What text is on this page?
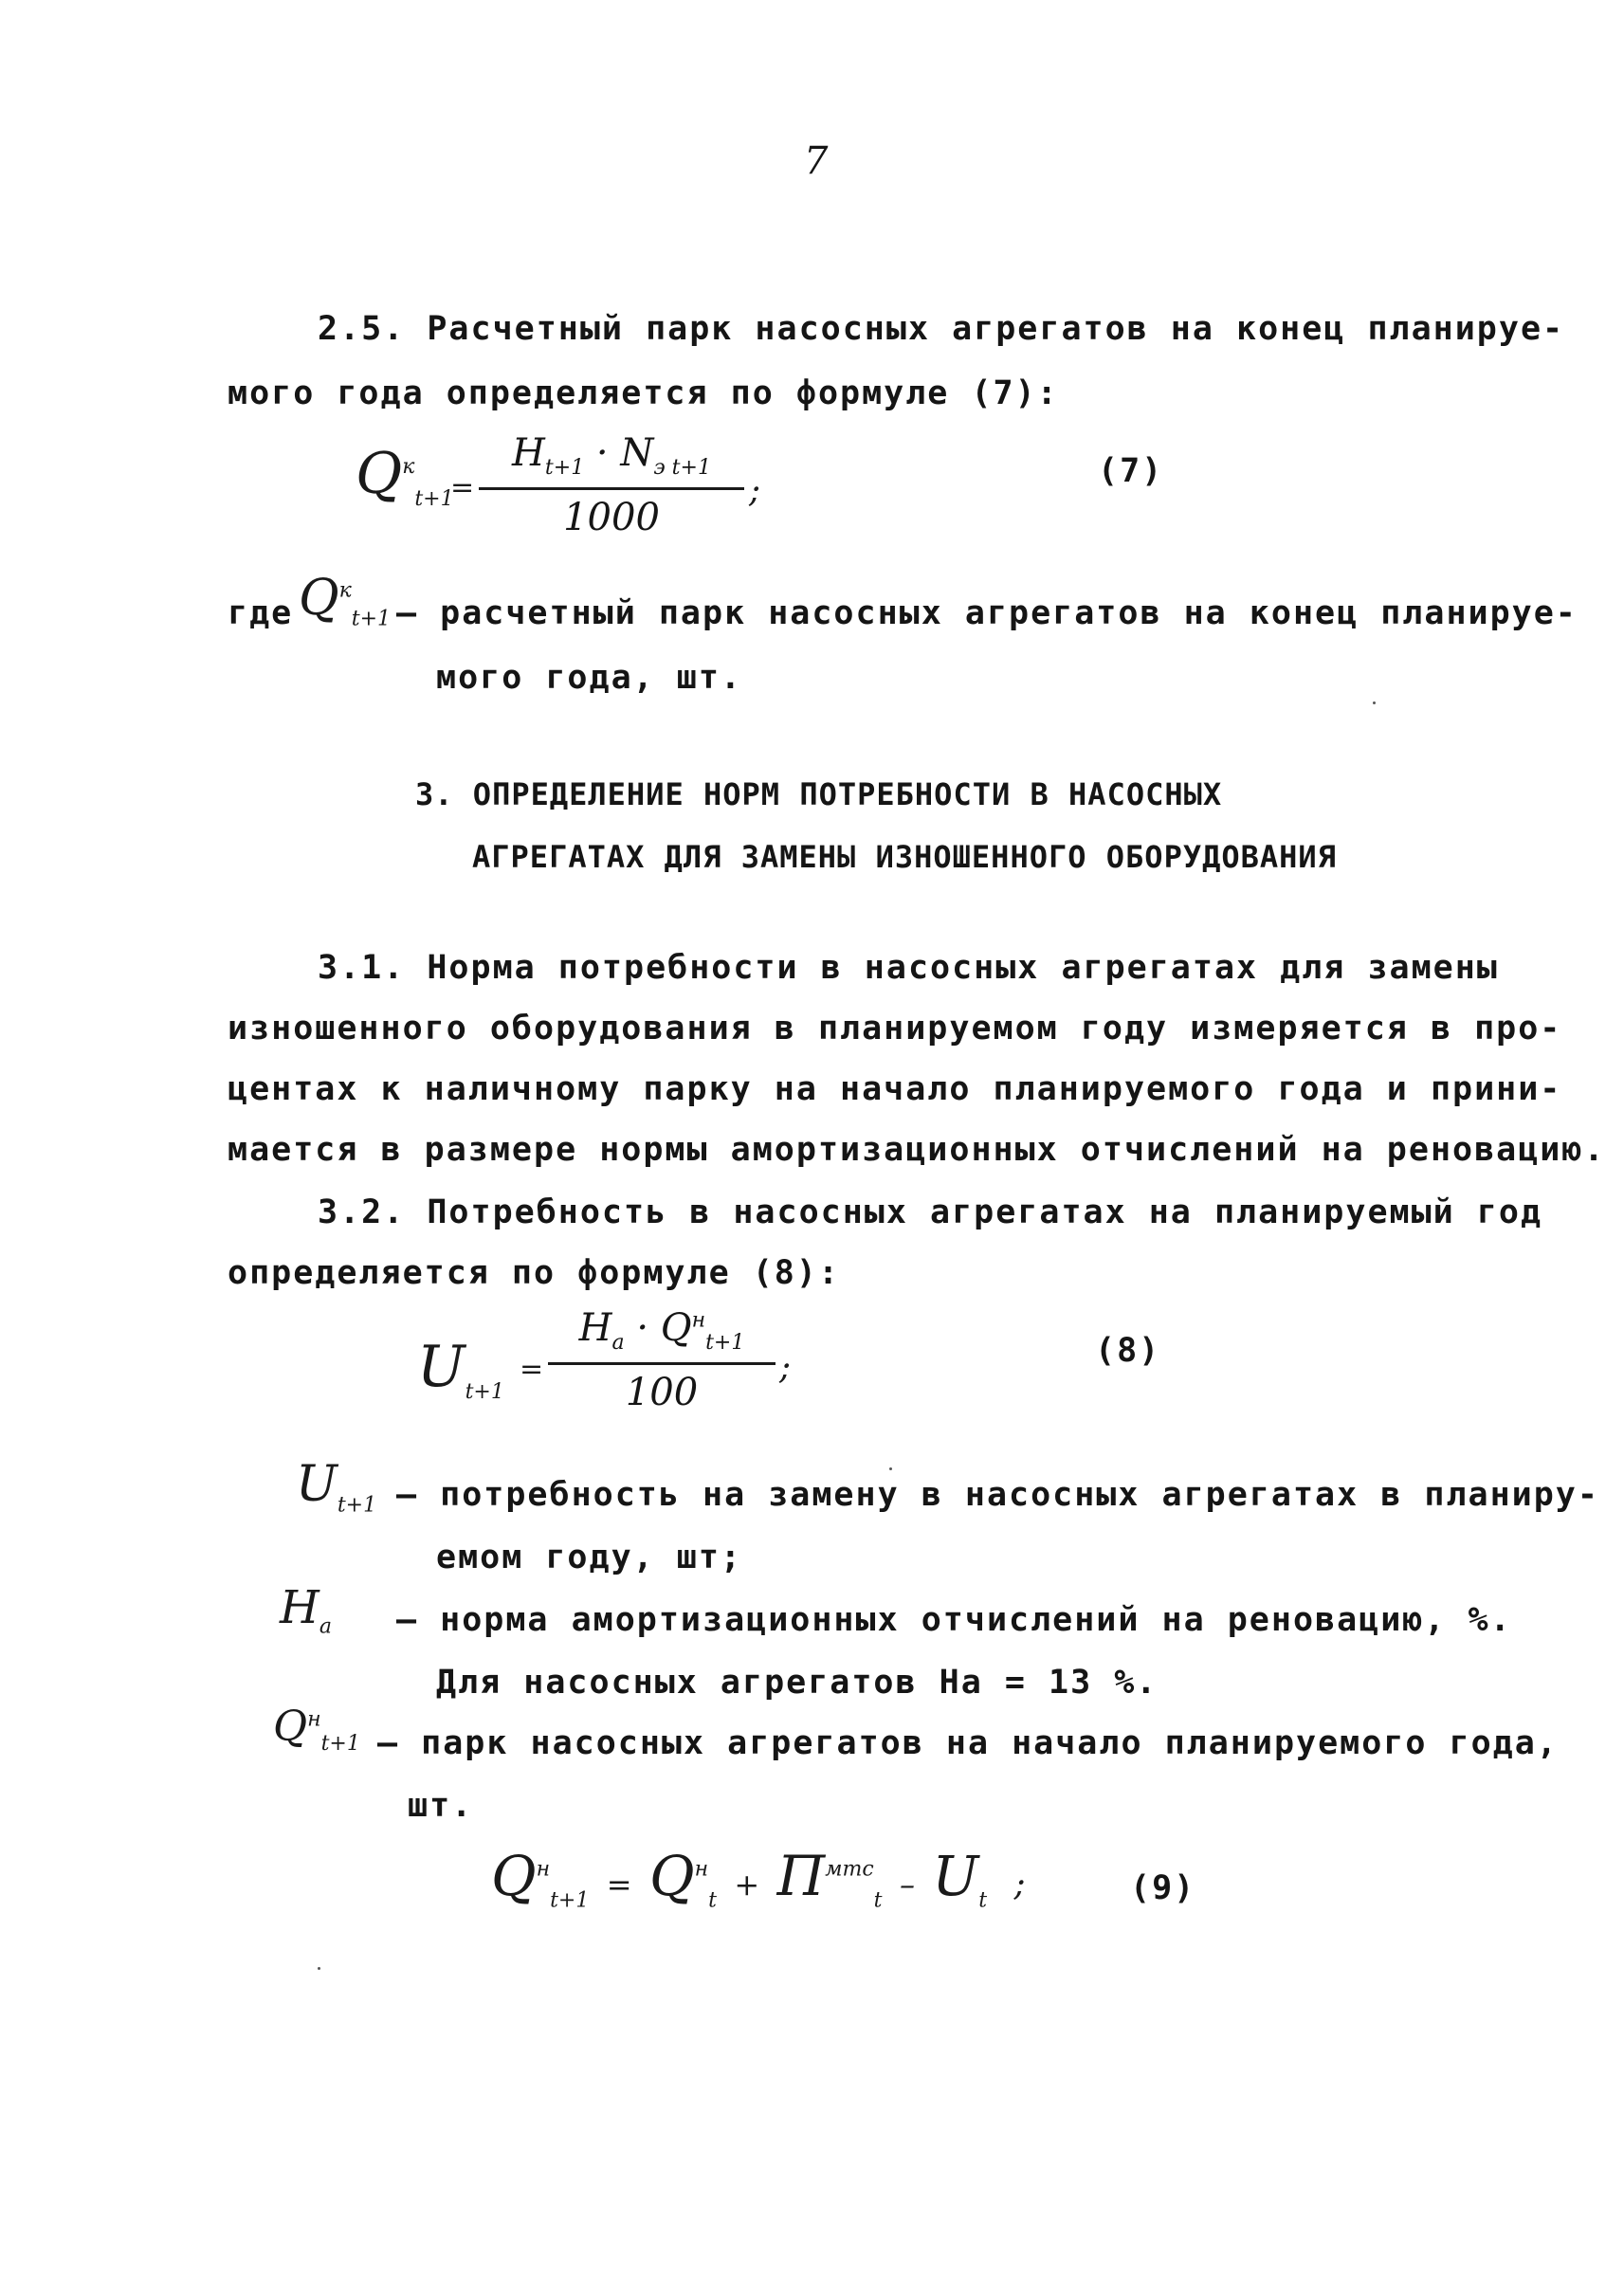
7
2.5. Расчетный парк насосных агрегатов на конец планируе-
мого года определяется по формуле (7):
$Q^к_{t+1}$
=
$H_{t+1} \cdot N_{э t+1}$
1000
;	(7)
где $Q^к_{t+1}$ – расчетный парк насосных агрегатов на конец планируе-
мого года, шт.
3. ОПРЕДЕЛЕНИЕ НОРМ ПОТРЕБНОСТИ В НАСОСНЫХ
АГРЕГАТАХ ДЛЯ ЗАМЕНЫ ИЗНОШЕННОГО ОБОРУДОВАНИЯ
3.1. Норма потребности в насосных агрегатах для замены
изношенного оборудования в планируемом году измеряется в про-
центах к наличному парку на начало планируемого года и прини-
мается в размере нормы амортизационных отчислений на реновацию.
3.2. Потребность в насосных агрегатах на планируемый год
определяется по формуле (8):
$U_{t+1}$
=
$H_a \cdot Q^н_{t+1}$
100
;	(8)
$U_{t+1}$ – потребность на замену в насосных агрегатах в планиру-
емом году, шт;
$H_a$ – норма амортизационных отчислений на реновацию, %.
Для насосных агрегатов Hа = 13 %.
$Q^н_{t+1}$ – парк насосных агрегатов на начало планируемого года,
шт.
$Q^н_{t+1} = Q^н_t + П^{мтс}_t - U_t$ ;	(9)
